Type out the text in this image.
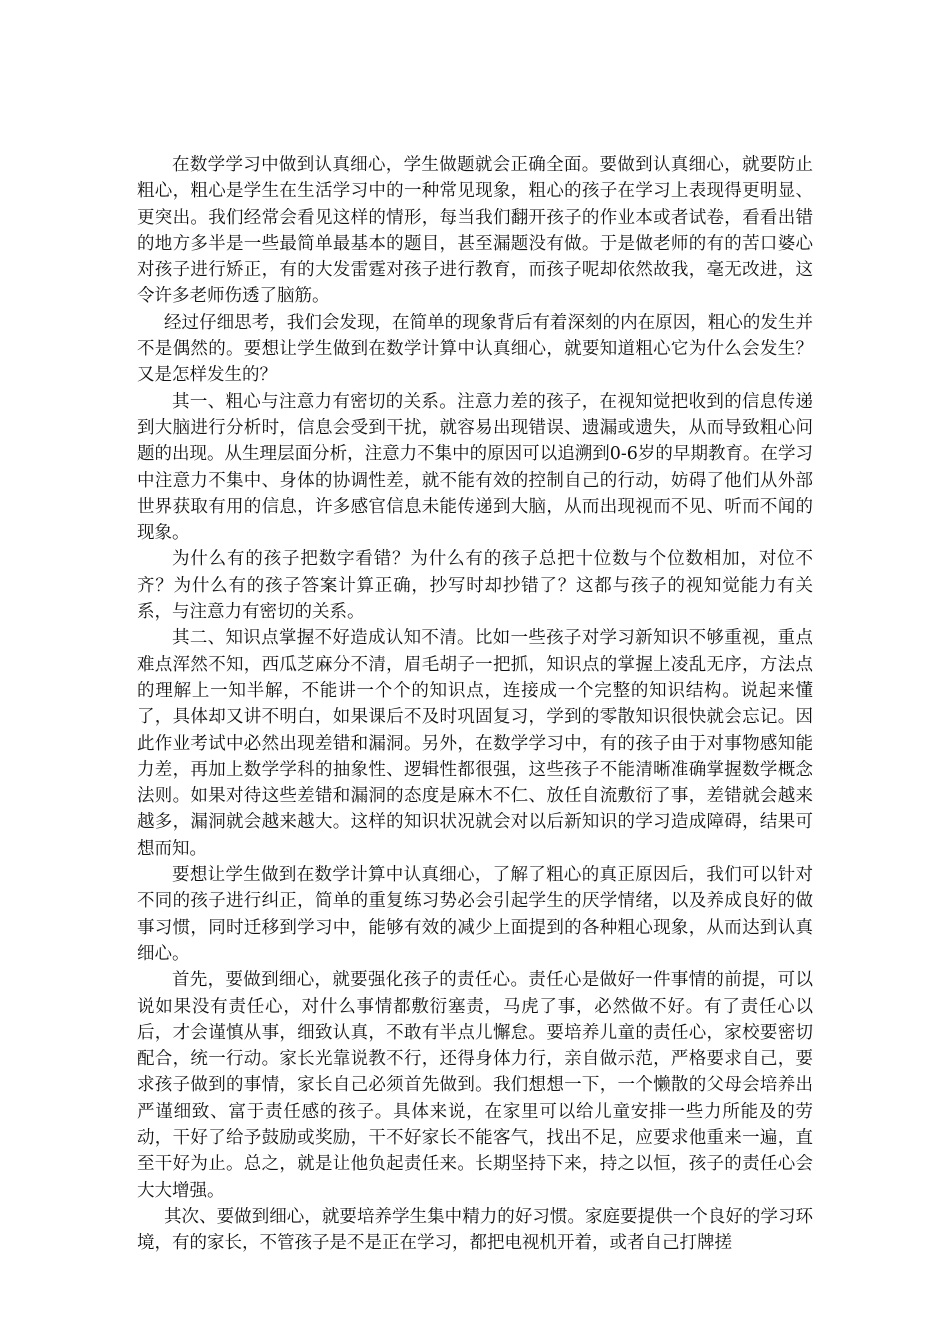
在数学学习中做到认真细心，学生做题就会正确全面。要做到认真细心，就要防止粗心，粗心是学生在生活学习中的一种常见现象，粗心的孩子在学习上表现得更明显、更突出。我们经常会看见这样的情形，每当我们翻开孩子的作业本或者试卷，看看出错的地方多半是一些最简单最基本的题目，甚至漏题没有做。于是做老师的有的苦口婆心对孩子进行矫正，有的大发雷霆对孩子进行教育，而孩子呢却依然故我，毫无改进，这令许多老师伤透了脑筋。

经过仔细思考，我们会发现，在简单的现象背后有着深刻的内在原因，粗心的发生并不是偶然的。要想让学生做到在数学计算中认真细心，就要知道粗心它为什么会发生？又是怎样发生的？

其一、粗心与注意力有密切的关系。注意力差的孩子，在视知觉把收到的信息传递到大脑进行分析时，信息会受到干扰，就容易出现错误、遗漏或遗失，从而导致粗心问题的出现。从生理层面分析，注意力不集中的原因可以追溯到0-6岁的早期教育。在学习中注意力不集中、身体的协调性差，就不能有效的控制自己的行动，妨碍了他们从外部世界获取有用的信息，许多感官信息未能传递到大脑，从而出现视而不见、听而不闻的现象。

为什么有的孩子把数字看错？为什么有的孩子总把十位数与个位数相加，对位不齐？为什么有的孩子答案计算正确，抄写时却抄错了？这都与孩子的视知觉能力有关系，与注意力有密切的关系。

其二、知识点掌握不好造成认知不清。比如一些孩子对学习新知识不够重视，重点难点浑然不知，西瓜芝麻分不清，眉毛胡子一把抓，知识点的掌握上凌乱无序，方法点的理解上一知半解，不能讲一个个的知识点，连接成一个完整的知识结构。说起来懂了，具体却又讲不明白，如果课后不及时巩固复习，学到的零散知识很快就会忘记。因此作业考试中必然出现差错和漏洞。另外，在数学学习中，有的孩子由于对事物感知能力差，再加上数学学科的抽象性、逻辑性都很强，这些孩子不能清晰准确掌握数学概念法则。如果对待这些差错和漏洞的态度是麻木不仁、放任自流敷衍了事，差错就会越来越多，漏洞就会越来越大。这样的知识状况就会对以后新知识的学习造成障碍，结果可想而知。

要想让学生做到在数学计算中认真细心，了解了粗心的真正原因后，我们可以针对不同的孩子进行纠正，简单的重复练习势必会引起学生的厌学情绪，以及养成良好的做事习惯，同时迁移到学习中，能够有效的减少上面提到的各种粗心现象，从而达到认真细心。

首先，要做到细心，就要强化孩子的责任心。责任心是做好一件事情的前提，可以说如果没有责任心，对什么事情都敷衍塞责，马虎了事，必然做不好。有了责任心以后，才会谨慎从事，细致认真，不敢有半点儿懈怠。要培养儿童的责任心，家校要密切配合，统一行动。家长光靠说教不行，还得身体力行，亲自做示范，严格要求自己，要求孩子做到的事情，家长自己必须首先做到。我们想想一下，一个懒散的父母会培养出严谨细致、富于责任感的孩子。具体来说，在家里可以给儿童安排一些力所能及的劳动，干好了给予鼓励或奖励，干不好家长不能客气，找出不足，应要求他重来一遍，直至干好为止。总之，就是让他负起责任来。长期坚持下来，持之以恒，孩子的责任心会大大增强。

其次、要做到细心，就要培养学生集中精力的好习惯。家庭要提供一个良好的学习环境，有的家长，不管孩子是不是正在学习，都把电视机开着，或者自己打牌搓
